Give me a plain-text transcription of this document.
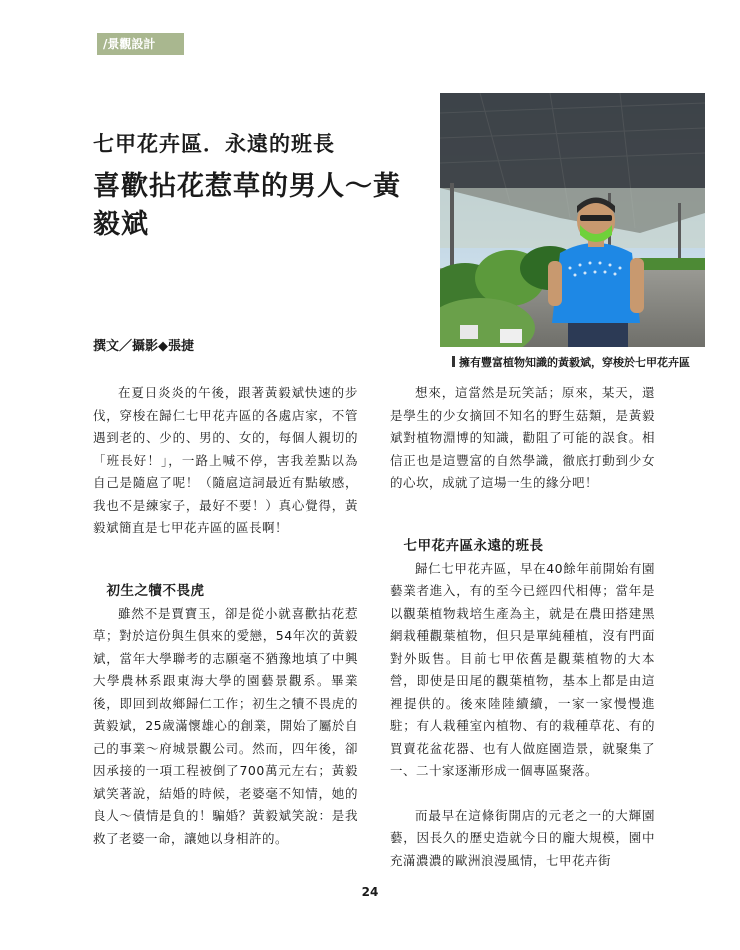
/景觀設計
七甲花卉區．永遠的班長
喜歡拈花惹草的男人～黃毅斌
擁有豐富植物知識的黃毅斌，穿梭於七甲花卉區
撰文／攝影◆張捷

在夏日炎炎的午後，跟著黃毅斌快速的步伐，穿梭在歸仁七甲花卉區的各處店家，不管遇到老的、少的、男的、女的，每個人親切的「班長好！」，一路上喊不停，害我差點以為自己是隨扈了呢！（隨扈這詞最近有點敏感，我也不是練家子，最好不要！）真心覺得，黃毅斌簡直是七甲花卉區的區長啊！

初生之犢不畏虎

雖然不是賈寶玉，卻是從小就喜歡拈花惹草；對於這份與生俱來的愛戀，54年次的黃毅斌，當年大學聯考的志願毫不猶豫地填了中興大學農林系跟東海大學的園藝景觀系。畢業後，即回到故鄉歸仁工作；初生之犢不畏虎的黃毅斌，25歲滿懷雄心的創業，開始了屬於自己的事業～府城景觀公司。然而，四年後，卻因承接的一項工程被倒了700萬元左右；黃毅斌笑著說，結婚的時候，老婆毫不知情，她的良人～債情是負的！騙婚？黃毅斌笑說：是我救了老婆一命，讓她以身相許的。

想來，這當然是玩笑話；原來，某天，還是學生的少女摘回不知名的野生菇類，是黃毅斌對植物淵博的知識，勸阻了可能的誤食。相信正也是這豐富的自然學識，徹底打動到少女的心坎，成就了這場一生的緣分吧！

七甲花卉區永遠的班長

歸仁七甲花卉區，早在40餘年前開始有園藝業者進入，有的至今已經四代相傳；當年是以觀葉植物栽培生產為主，就是在農田搭建黑網栽種觀葉植物，但只是單純種植，沒有門面對外販售。目前七甲依舊是觀葉植物的大本營，即使是田尾的觀葉植物，基本上都是由這裡提供的。後來陸陸續續，一家一家慢慢進駐；有人栽種室內植物、有的栽種草花、有的買賣花盆花器、也有人做庭園造景，就聚集了一、二十家逐漸形成一個專區聚落。

而最早在這條街開店的元老之一的大輝園藝，因長久的歷史造就今日的龐大規模，園中充滿濃濃的歐洲浪漫風情，七甲花卉街

24
